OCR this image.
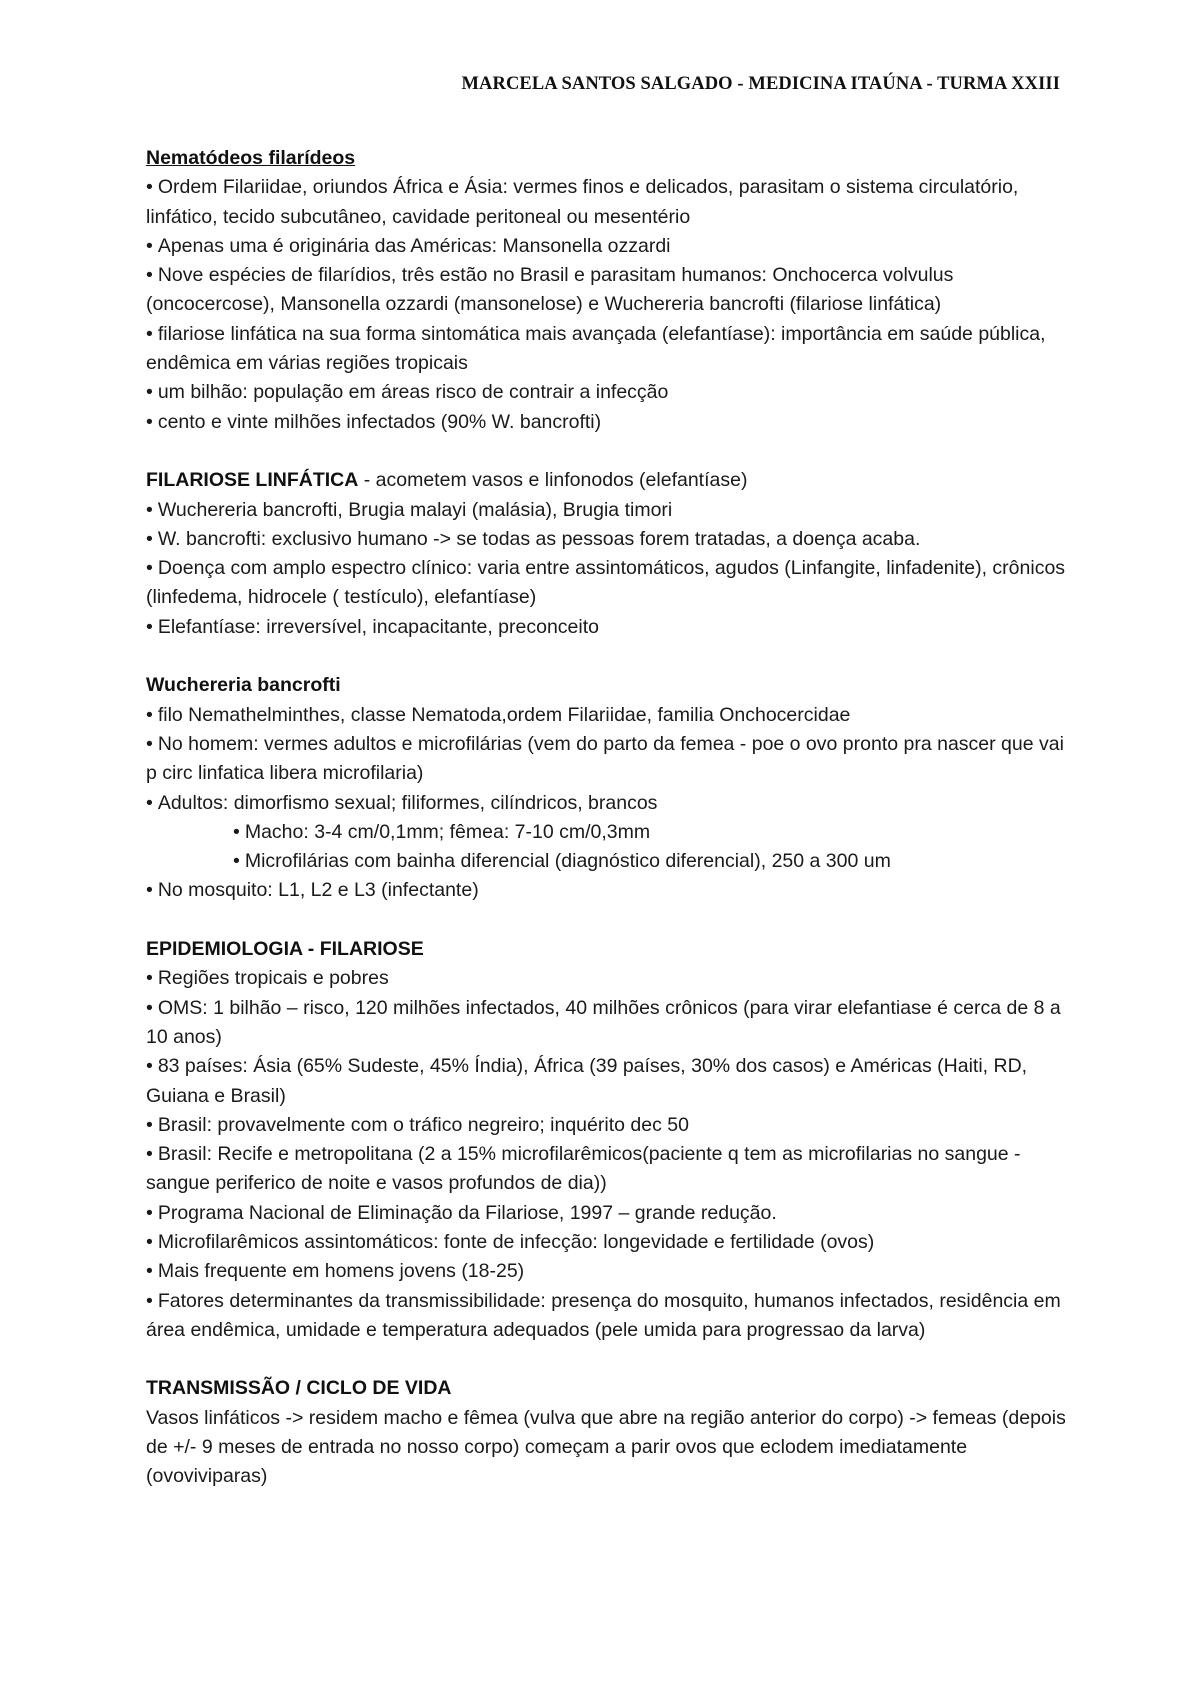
MARCELA SANTOS SALGADO - MEDICINA ITAÚNA - TURMA XXIII
Nematódeos filarídeos
• Ordem Filariidae, oriundos África e Ásia: vermes finos e delicados, parasitam o sistema circulatório, linfático, tecido subcutâneo, cavidade peritoneal ou mesentério
• Apenas uma é originária das Américas: Mansonella ozzardi
• Nove espécies de filarídios, três estão no Brasil e parasitam humanos: Onchocerca volvulus (oncocercose), Mansonella ozzardi (mansonelose) e Wuchereria bancrofti (filariose linfática)
• filariose linfática na sua forma sintomática mais avançada (elefantíase): importância em saúde pública, endêmica em várias regiões tropicais
• um bilhão: população em áreas risco de contrair a infecção
• cento e vinte milhões infectados (90% W. bancrofti)
FILARIOSE LINFÁTICA - acometem vasos e linfonodos (elefantíase)
• Wuchereria bancrofti, Brugia malayi (malásia), Brugia timori
• W. bancrofti: exclusivo humano -> se todas as pessoas forem tratadas, a doença acaba.
• Doença com amplo espectro clínico: varia entre assintomáticos, agudos (Linfangite, linfadenite), crônicos (linfedema, hidrocele ( testículo), elefantíase)
• Elefantíase: irreversível, incapacitante, preconceito
Wuchereria bancrofti
• filo Nemathelminthes, classe Nematoda,ordem Filariidae, familia Onchocercidae
• No homem: vermes adultos e microfilárias (vem do parto da femea - poe o ovo pronto pra nascer que vai p circ linfatica libera microfilaria)
• Adultos: dimorfismo sexual; filiformes, cilíndricos, brancos
• Macho: 3-4 cm/0,1mm; fêmea: 7-10 cm/0,3mm
• Microfilárias com bainha diferencial (diagnóstico diferencial), 250 a 300 um
• No mosquito: L1, L2 e L3 (infectante)
EPIDEMIOLOGIA - FILARIOSE
• Regiões tropicais e pobres
• OMS: 1 bilhão – risco, 120 milhões infectados, 40 milhões crônicos (para virar elefantiase é cerca de 8 a 10 anos)
• 83 países: Ásia (65% Sudeste, 45% Índia), África (39 países, 30% dos casos) e Américas (Haiti, RD, Guiana e Brasil)
• Brasil: provavelmente com o tráfico negreiro; inquérito dec 50
• Brasil: Recife e metropolitana (2 a 15% microfilarêmicos(paciente q tem as microfilarias no sangue - sangue periferico de noite e vasos profundos de dia))
• Programa Nacional de Eliminação da Filariose, 1997 – grande redução.
• Microfilarêmicos assintomáticos: fonte de infecção: longevidade e fertilidade (ovos)
• Mais frequente em homens jovens (18-25)
• Fatores determinantes da transmissibilidade: presença do mosquito, humanos infectados, residência em área endêmica, umidade e temperatura adequados (pele umida para progressao da larva)
TRANSMISSÃO / CICLO DE VIDA
Vasos linfáticos -> residem macho e fêmea (vulva que abre na região anterior do corpo) -> femeas (depois de +/- 9 meses de entrada no nosso corpo) começam a parir ovos que eclodem imediatamente (ovoviviparas)
